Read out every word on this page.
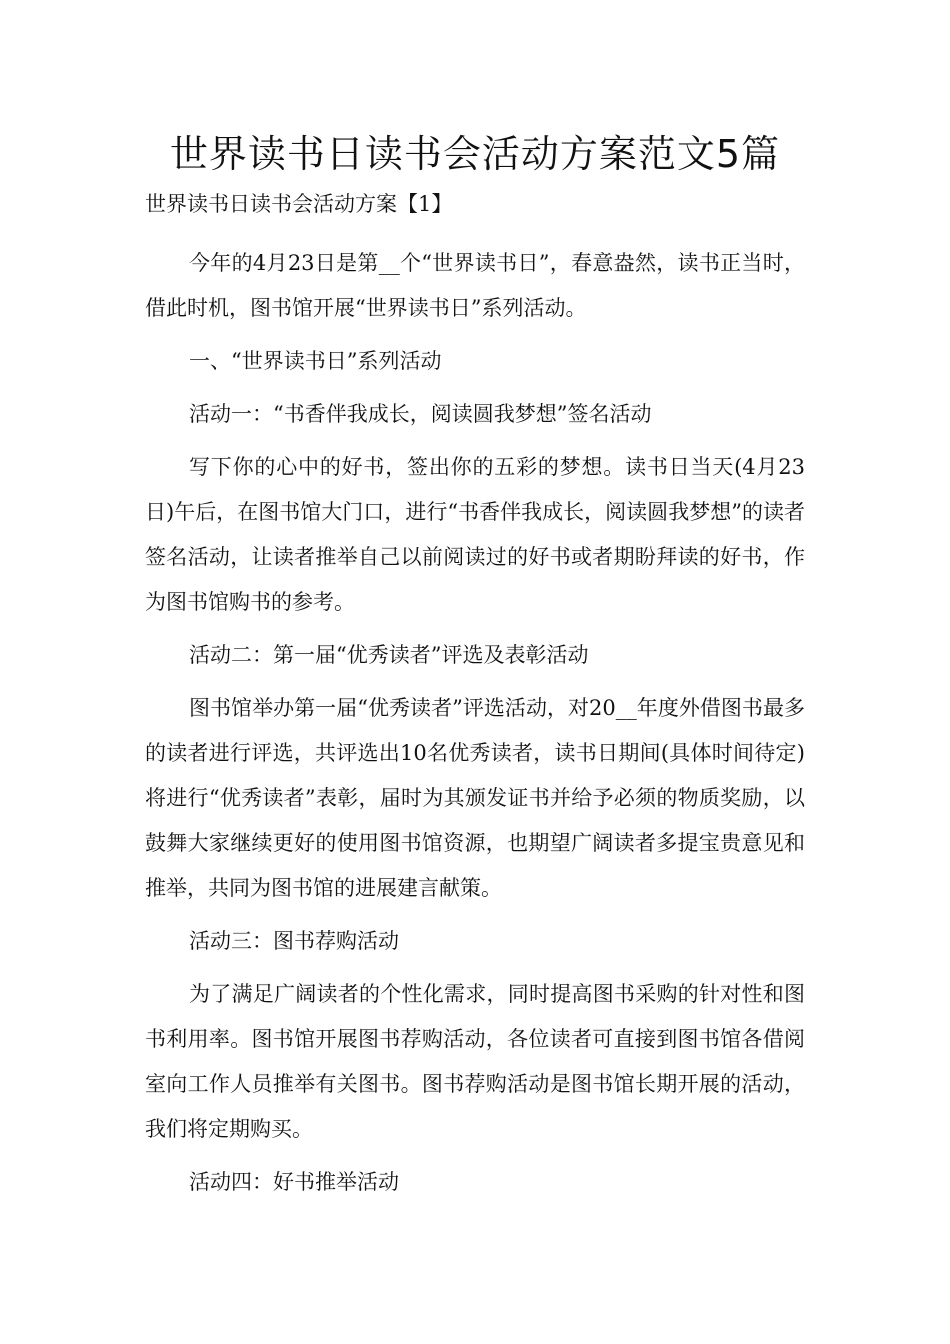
世界读书日读书会活动方案范文5篇
世界读书日读书会活动方案【1】

今年的4月23日是第__个“世界读书日”，春意盎然，读书正当时，借此时机，图书馆开展“世界读书日”系列活动。

一、“世界读书日”系列活动

活动一：“书香伴我成长，阅读圆我梦想”签名活动

写下你的心中的好书，签出你的五彩的梦想。读书日当天(4月23日)午后，在图书馆大门口，进行“书香伴我成长，阅读圆我梦想”的读者签名活动，让读者推举自己以前阅读过的好书或者期盼拜读的好书，作为图书馆购书的参考。

活动二：第一届“优秀读者”评选及表彰活动

图书馆举办第一届“优秀读者”评选活动，对20__年度外借图书最多的读者进行评选，共评选出10名优秀读者，读书日期间(具体时间待定)将进行“优秀读者”表彰，届时为其颁发证书并给予必须的物质奖励，以鼓舞大家继续更好的使用图书馆资源，也期望广阔读者多提宝贵意见和推举，共同为图书馆的进展建言献策。

活动三：图书荐购活动

为了满足广阔读者的个性化需求，同时提高图书采购的针对性和图书利用率。图书馆开展图书荐购活动，各位读者可直接到图书馆各借阅室向工作人员推举有关图书。图书荐购活动是图书馆长期开展的活动，我们将定期购买。

活动四：好书推举活动
